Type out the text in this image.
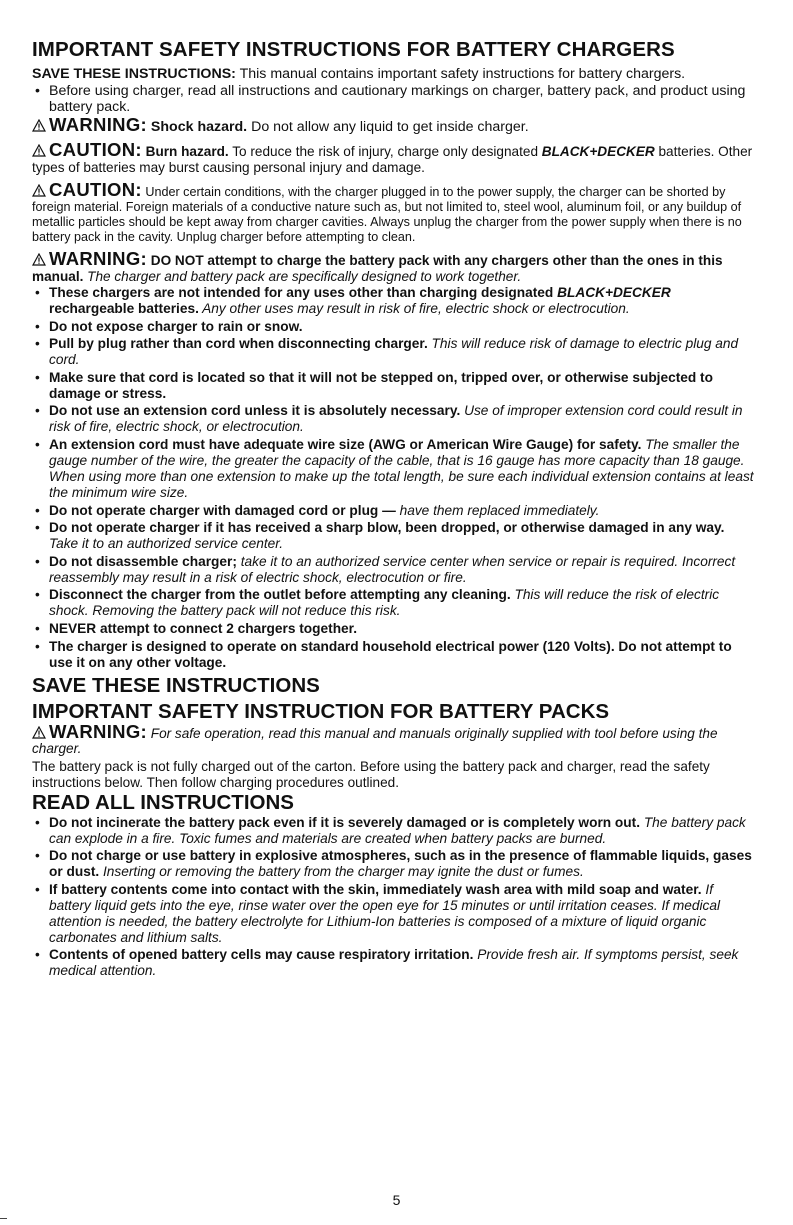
IMPORTANT SAFETY INSTRUCTIONS FOR BATTERY CHARGERS

SAVE THESE INSTRUCTIONS: This manual contains important safety instructions for battery chargers.

• Before using charger, read all instructions and cautionary markings on charger, battery pack, and product using battery pack.

WARNING: Shock hazard. Do not allow any liquid to get inside charger.

CAUTION: Burn hazard. To reduce the risk of injury, charge only designated BLACK+DECKER batteries. Other types of batteries may burst causing personal injury and damage.

CAUTION: Under certain conditions, with the charger plugged in to the power supply, the charger can be shorted by foreign material. Foreign materials of a conductive nature such as, but not limited to, steel wool, aluminum foil, or any buildup of metallic particles should be kept away from charger cavities. Always unplug the charger from the power supply when there is no battery pack in the cavity. Unplug charger before attempting to clean.

WARNING: DO NOT attempt to charge the battery pack with any chargers other than the ones in this manual. The charger and battery pack are specifically designed to work together.

• These chargers are not intended for any uses other than charging designated BLACK+DECKER rechargeable batteries. Any other uses may result in risk of fire, electric shock or electrocution.
• Do not expose charger to rain or snow.
• Pull by plug rather than cord when disconnecting charger. This will reduce risk of damage to electric plug and cord.
• Make sure that cord is located so that it will not be stepped on, tripped over, or otherwise subjected to damage or stress.
• Do not use an extension cord unless it is absolutely necessary. Use of improper extension cord could result in risk of fire, electric shock, or electrocution.
• An extension cord must have adequate wire size (AWG or American Wire Gauge) for safety. The smaller the gauge number of the wire, the greater the capacity of the cable, that is 16 gauge has more capacity than 18 gauge. When using more than one extension to make up the total length, be sure each individual extension contains at least the minimum wire size.
• Do not operate charger with damaged cord or plug — have them replaced immediately.
• Do not operate charger if it has received a sharp blow, been dropped, or otherwise damaged in any way. Take it to an authorized service center.
• Do not disassemble charger; take it to an authorized service center when service or repair is required. Incorrect reassembly may result in a risk of electric shock, electrocution or fire.
• Disconnect the charger from the outlet before attempting any cleaning. This will reduce the risk of electric shock. Removing the battery pack will not reduce this risk.
• NEVER attempt to connect 2 chargers together.
• The charger is designed to operate on standard household electrical power (120 Volts). Do not attempt to use it on any other voltage.
SAVE THESE INSTRUCTIONS
IMPORTANT SAFETY INSTRUCTION FOR BATTERY PACKS

WARNING: For safe operation, read this manual and manuals originally supplied with tool before using the charger.

The battery pack is not fully charged out of the carton. Before using the battery pack and charger, read the safety instructions below. Then follow charging procedures outlined.

READ ALL INSTRUCTIONS
• Do not incinerate the battery pack even if it is severely damaged or is completely worn out. The battery pack can explode in a fire. Toxic fumes and materials are created when battery packs are burned.
• Do not charge or use battery in explosive atmospheres, such as in the presence of flammable liquids, gases or dust. Inserting or removing the battery from the charger may ignite the dust or fumes.
• If battery contents come into contact with the skin, immediately wash area with mild soap and water. If battery liquid gets into the eye, rinse water over the open eye for 15 minutes or until irritation ceases. If medical attention is needed, the battery electrolyte for Lithium-Ion batteries is composed of a mixture of liquid organic carbonates and lithium salts.
• Contents of opened battery cells may cause respiratory irritation. Provide fresh air. If symptoms persist, seek medical attention.
5
